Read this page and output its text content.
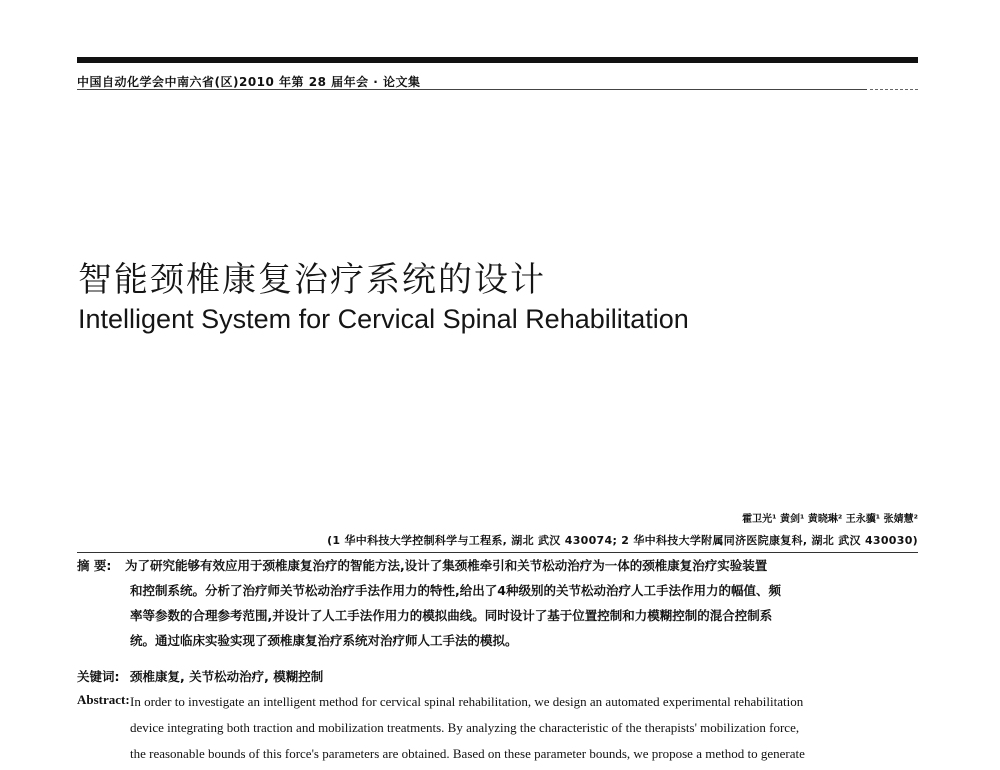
中国自动化学会中南六省(区)2010 年第 28 届年会 · 论文集
智能颈椎康复治疗系统的设计
Intelligent System for Cervical Spinal Rehabilitation
霍卫光¹ 黄剑¹ 黄晓琳² 王永骥¹ 张婧慧²
(1 华中科技大学控制科学与工程系, 湖北 武汉 430074; 2 华中科技大学附属同济医院康复科, 湖北 武汉 430030)
摘 要: 为了研究能够有效应用于颈椎康复治疗的智能方法,设计了集颈椎牵引和关节松动治疗为一体的颈椎康复治疗实验装置
和控制系统。分析了治疗师关节松动治疗手法作用力的特性,给出了4种级别的关节松动治疗人工手法作用力的幅值、频
率等参数的合理参考范围,并设计了人工手法作用力的模拟曲线。同时设计了基于位置控制和力模糊控制的混合控制系
统。通过临床实验实现了颈椎康复治疗系统对治疗师人工手法的模拟。
关键词: 颈椎康复, 关节松动治疗, 模糊控制
Abstract: In order to investigate an intelligent method for cervical spinal rehabilitation, we design an automated experimental rehabilitation
device integrating both traction and mobilization treatments. By analyzing the characteristic of the therapists' mobilization force,
the reasonable bounds of this force's parameters are obtained. Based on these parameter bounds, we propose a method to generate
